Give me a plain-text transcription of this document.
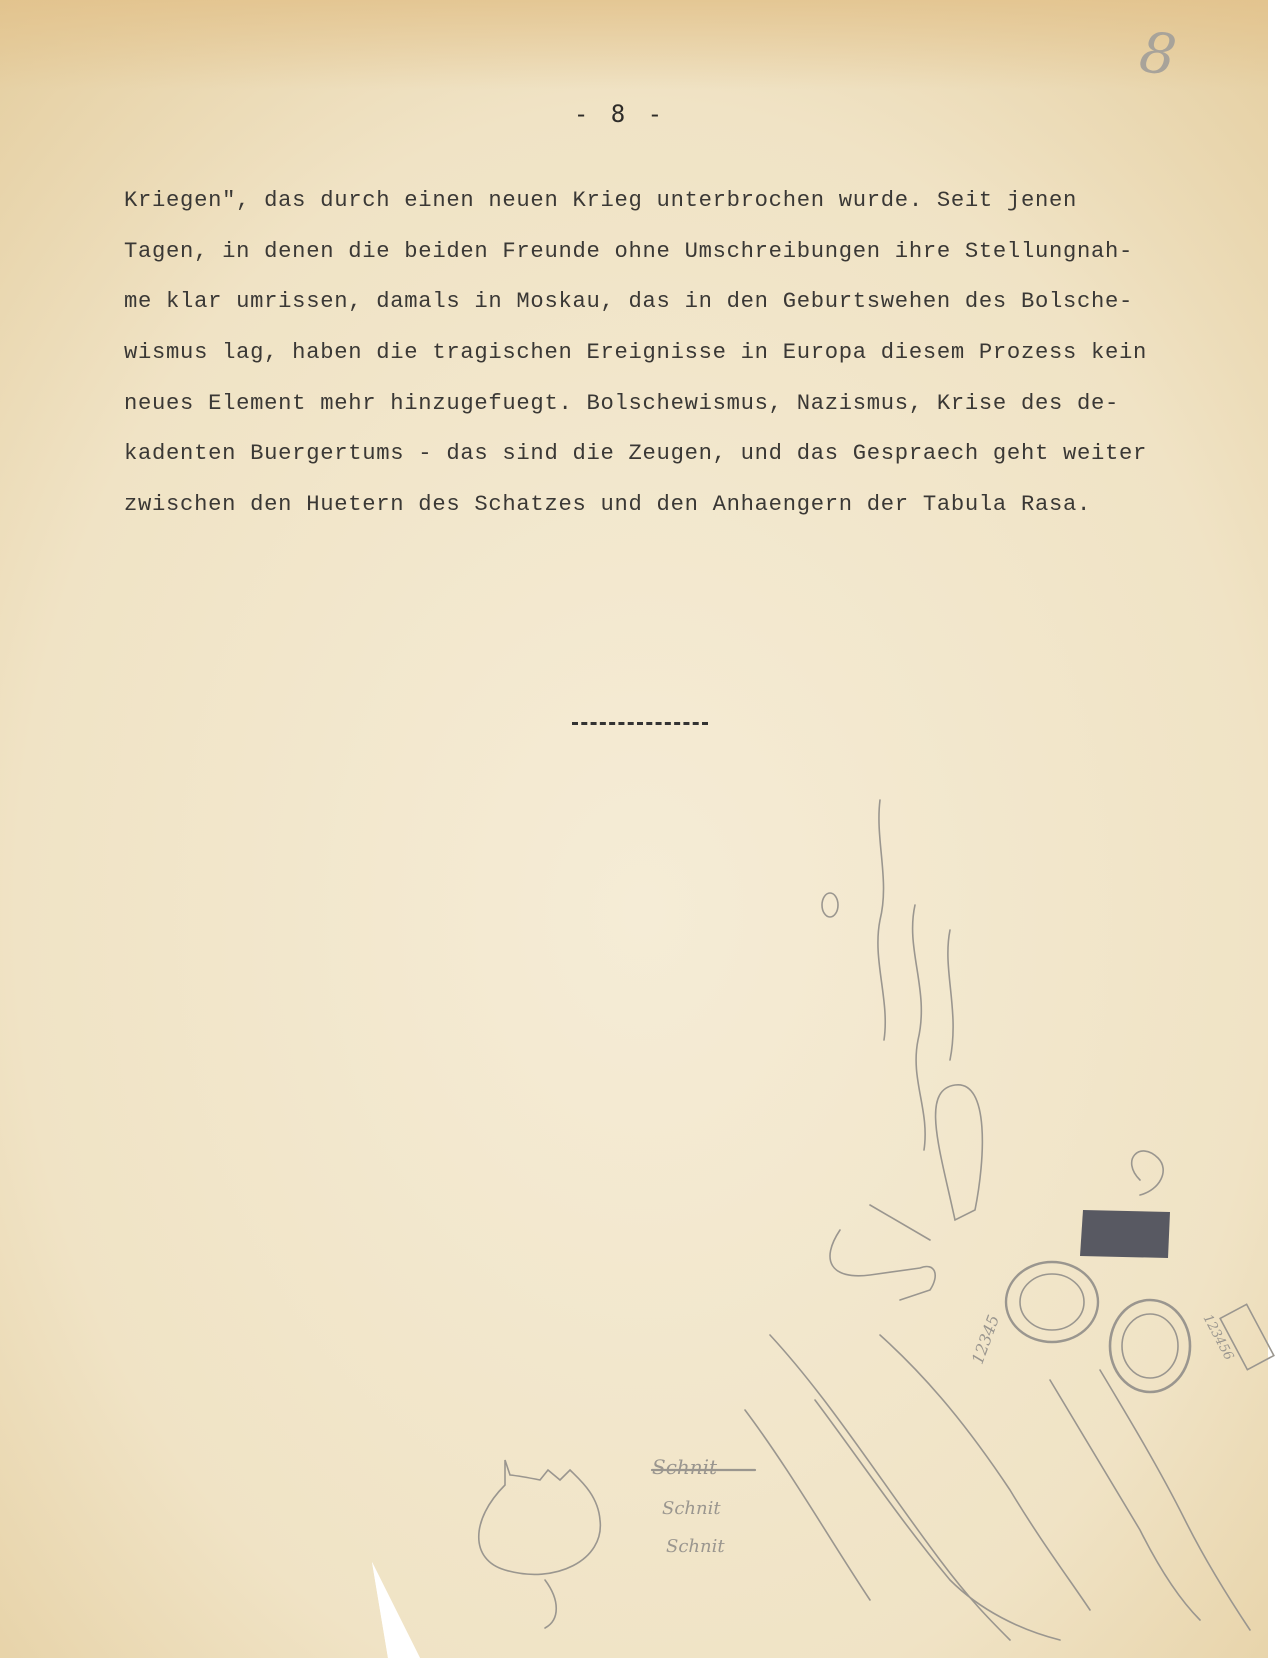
8
- 8 -
Kriegen", das durch einen neuen Krieg unterbrochen wurde. Seit jenen
Tagen, in denen die beiden Freunde ohne Umschreibungen ihre Stellungnah-
me klar umrissen, damals in Moskau, das in den Geburtswehen des Bolsche-
wismus lag, haben die tragischen Ereignisse in Europa diesem Prozess kein
neues Element mehr hinzugefuegt. Bolschewismus, Nazismus, Krise des de-
kadenten Buergertums - das sind die Zeugen, und das Gespraech geht weiter
zwischen den Huetern des Schatzes und den Anhaengern der Tabula Rasa.
123456
12345
Schnit
Schnit
Schnit
